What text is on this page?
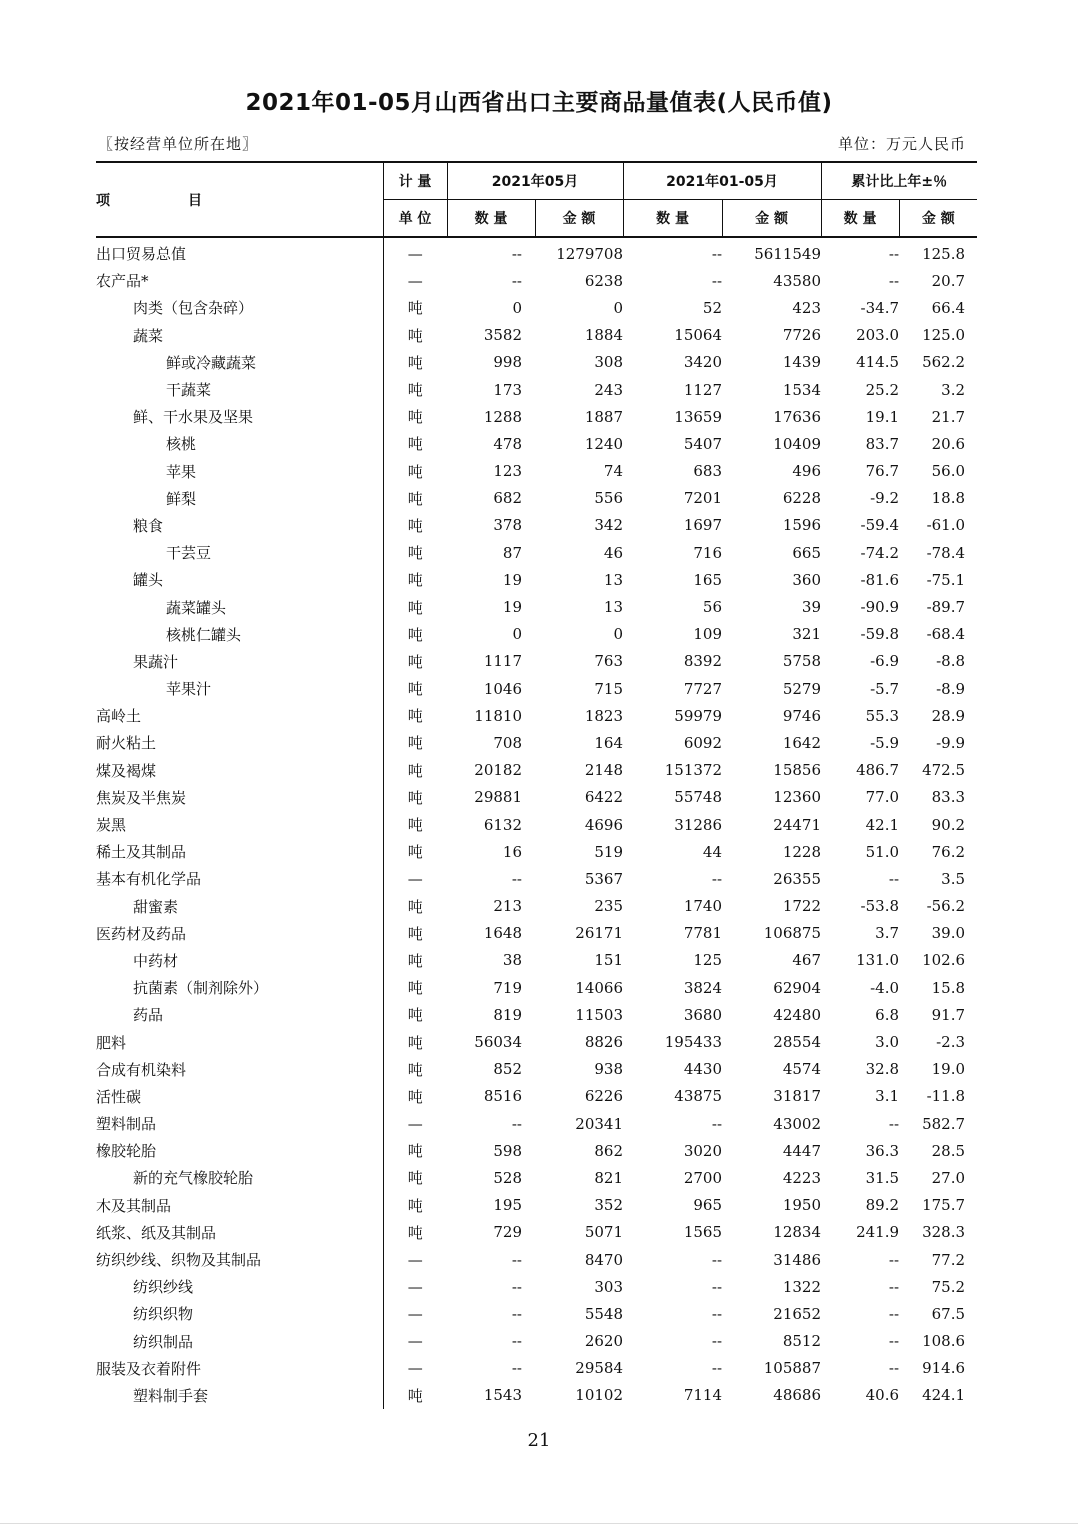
2021年01-05月山西省出口主要商品量值表(人民币值)
〖按经营单位所在地〗	单位：万元人民币
项 目	计 量	2021年05月		2021年01-05月		累计比上年±％	
	单 位	数 量	金 额	数 量	金 额	数 量	金 额
出口贸易总值	—	--	1279708	--	5611549	--	125.8
农产品*	—	--	6238	--	43580	--	20.7
肉类（包含杂碎）	吨	0	0	52	423	-34.7	66.4
蔬菜	吨	3582	1884	15064	7726	203.0	125.0
鲜或冷藏蔬菜	吨	998	308	3420	1439	414.5	562.2
干蔬菜	吨	173	243	1127	1534	25.2	3.2
鲜、干水果及坚果	吨	1288	1887	13659	17636	19.1	21.7
核桃	吨	478	1240	5407	10409	83.7	20.6
苹果	吨	123	74	683	496	76.7	56.0
鲜梨	吨	682	556	7201	6228	-9.2	18.8
粮食	吨	378	342	1697	1596	-59.4	-61.0
干芸豆	吨	87	46	716	665	-74.2	-78.4
罐头	吨	19	13	165	360	-81.6	-75.1
蔬菜罐头	吨	19	13	56	39	-90.9	-89.7
核桃仁罐头	吨	0	0	109	321	-59.8	-68.4
果蔬汁	吨	1117	763	8392	5758	-6.9	-8.8
苹果汁	吨	1046	715	7727	5279	-5.7	-8.9
高岭土	吨	11810	1823	59979	9746	55.3	28.9
耐火粘土	吨	708	164	6092	1642	-5.9	-9.9
煤及褐煤	吨	20182	2148	151372	15856	486.7	472.5
焦炭及半焦炭	吨	29881	6422	55748	12360	77.0	83.3
炭黑	吨	6132	4696	31286	24471	42.1	90.2
稀土及其制品	吨	16	519	44	1228	51.0	76.2
基本有机化学品	—	--	5367	--	26355	--	3.5
甜蜜素	吨	213	235	1740	1722	-53.8	-56.2
医药材及药品	吨	1648	26171	7781	106875	3.7	39.0
中药材	吨	38	151	125	467	131.0	102.6
抗菌素（制剂除外）	吨	719	14066	3824	62904	-4.0	15.8
药品	吨	819	11503	3680	42480	6.8	91.7
肥料	吨	56034	8826	195433	28554	3.0	-2.3
合成有机染料	吨	852	938	4430	4574	32.8	19.0
活性碳	吨	8516	6226	43875	31817	3.1	-11.8
塑料制品	—	--	20341	--	43002	--	582.7
橡胶轮胎	吨	598	862	3020	4447	36.3	28.5
新的充气橡胶轮胎	吨	528	821	2700	4223	31.5	27.0
木及其制品	吨	195	352	965	1950	89.2	175.7
纸浆、纸及其制品	吨	729	5071	1565	12834	241.9	328.3
纺织纱线、织物及其制品	—	--	8470	--	31486	--	77.2
纺织纱线	—	--	303	--	1322	--	75.2
纺织织物	—	--	5548	--	21652	--	67.5
纺织制品	—	--	2620	--	8512	--	108.6
服装及衣着附件	—	--	29584	--	105887	--	914.6
塑料制手套	吨	1543	10102	7114	48686	40.6	424.1
21
